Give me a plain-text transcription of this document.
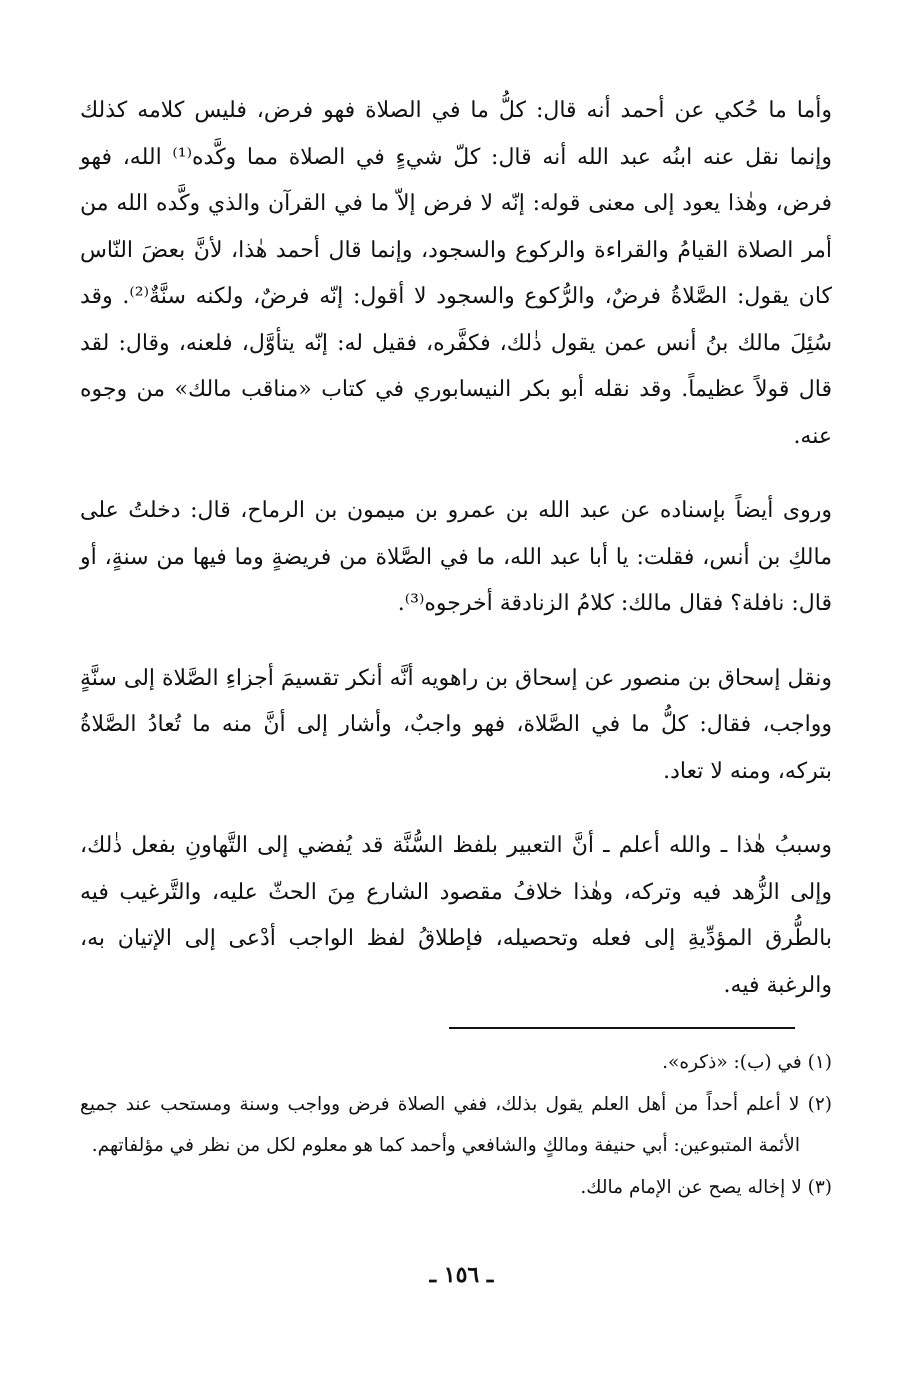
وأما ما حُكي عن أحمد أنه قال: كلُّ ما في الصلاة فهو فرض، فليس كلامه كذلك وإنما نقل عنه ابنُه عبد الله أنه قال: كلّ شيءٍ في الصلاة مما وكَّده⁽¹⁾ الله، فهو فرض، وهٰذا يعود إلى معنى قوله: إنّه لا فرض إلاّ ما في القرآن والذي وكَّده الله من أمر الصلاة القيامُ والقراءة والركوع والسجود، وإنما قال أحمد هٰذا، لأنَّ بعضَ النّاس كان يقول: الصَّلاةُ فرضٌ، والرُّكوع والسجود لا أقول: إنّه فرضٌ، ولكنه سنَّةٌ⁽²⁾. وقد سُئِلَ مالك بنُ أنس عمن يقول ذٰلك، فكفَّره، فقيل له: إنّه يتأوَّل، فلعنه، وقال: لقد قال قولاً عظيماً. وقد نقله أبو بكر النيسابوري في كتاب «مناقب مالك» من وجوه عنه.

وروى أيضاً بإسناده عن عبد الله بن عمرو بن ميمون بن الرماح، قال: دخلتُ على مالكِ بن أنس، فقلت: يا أبا عبد الله، ما في الصَّلاة من فريضةٍ وما فيها من سنةٍ، أو قال: نافلة؟ فقال مالك: كلامُ الزنادقة أخرجوه⁽³⁾.

ونقل إسحاق بن منصور عن إسحاق بن راهويه أنَّه أنكر تقسيمَ أجزاءِ الصَّلاة إلى سنَّةٍ وواجب، فقال: كلُّ ما في الصَّلاة، فهو واجبٌ، وأشار إلى أنَّ منه ما تُعادُ الصَّلاةُ بتركه، ومنه لا تعاد.

وسببُ هٰذا ـ والله أعلم ـ أنَّ التعبير بلفظ السُّنَّة قد يُفضي إلى التَّهاونِ بفعل ذٰلك، وإلى الزُّهد فيه وتركه، وهٰذا خلافُ مقصود الشارع مِنَ الحثّ عليه، والتَّرغيب فيه بالطُّرق المؤدِّيةِ إلى فعله وتحصيله، فإطلاقُ لفظ الواجب أدْعى إلى الإتيان به، والرغبة فيه.

(١) في (ب): «ذكره».

(٢) لا أعلم أحداً من أهل العلم يقول بذلك، ففي الصلاة فرض وواجب وسنة ومستحب عند جميع الأئمة المتبوعين: أبي حنيفة ومالكٍ والشافعي وأحمد كما هو معلوم لكل من نظر في مؤلفاتهم.

(٣) لا إخاله يصح عن الإمام مالك.

ـ ١٥٦ ـ
